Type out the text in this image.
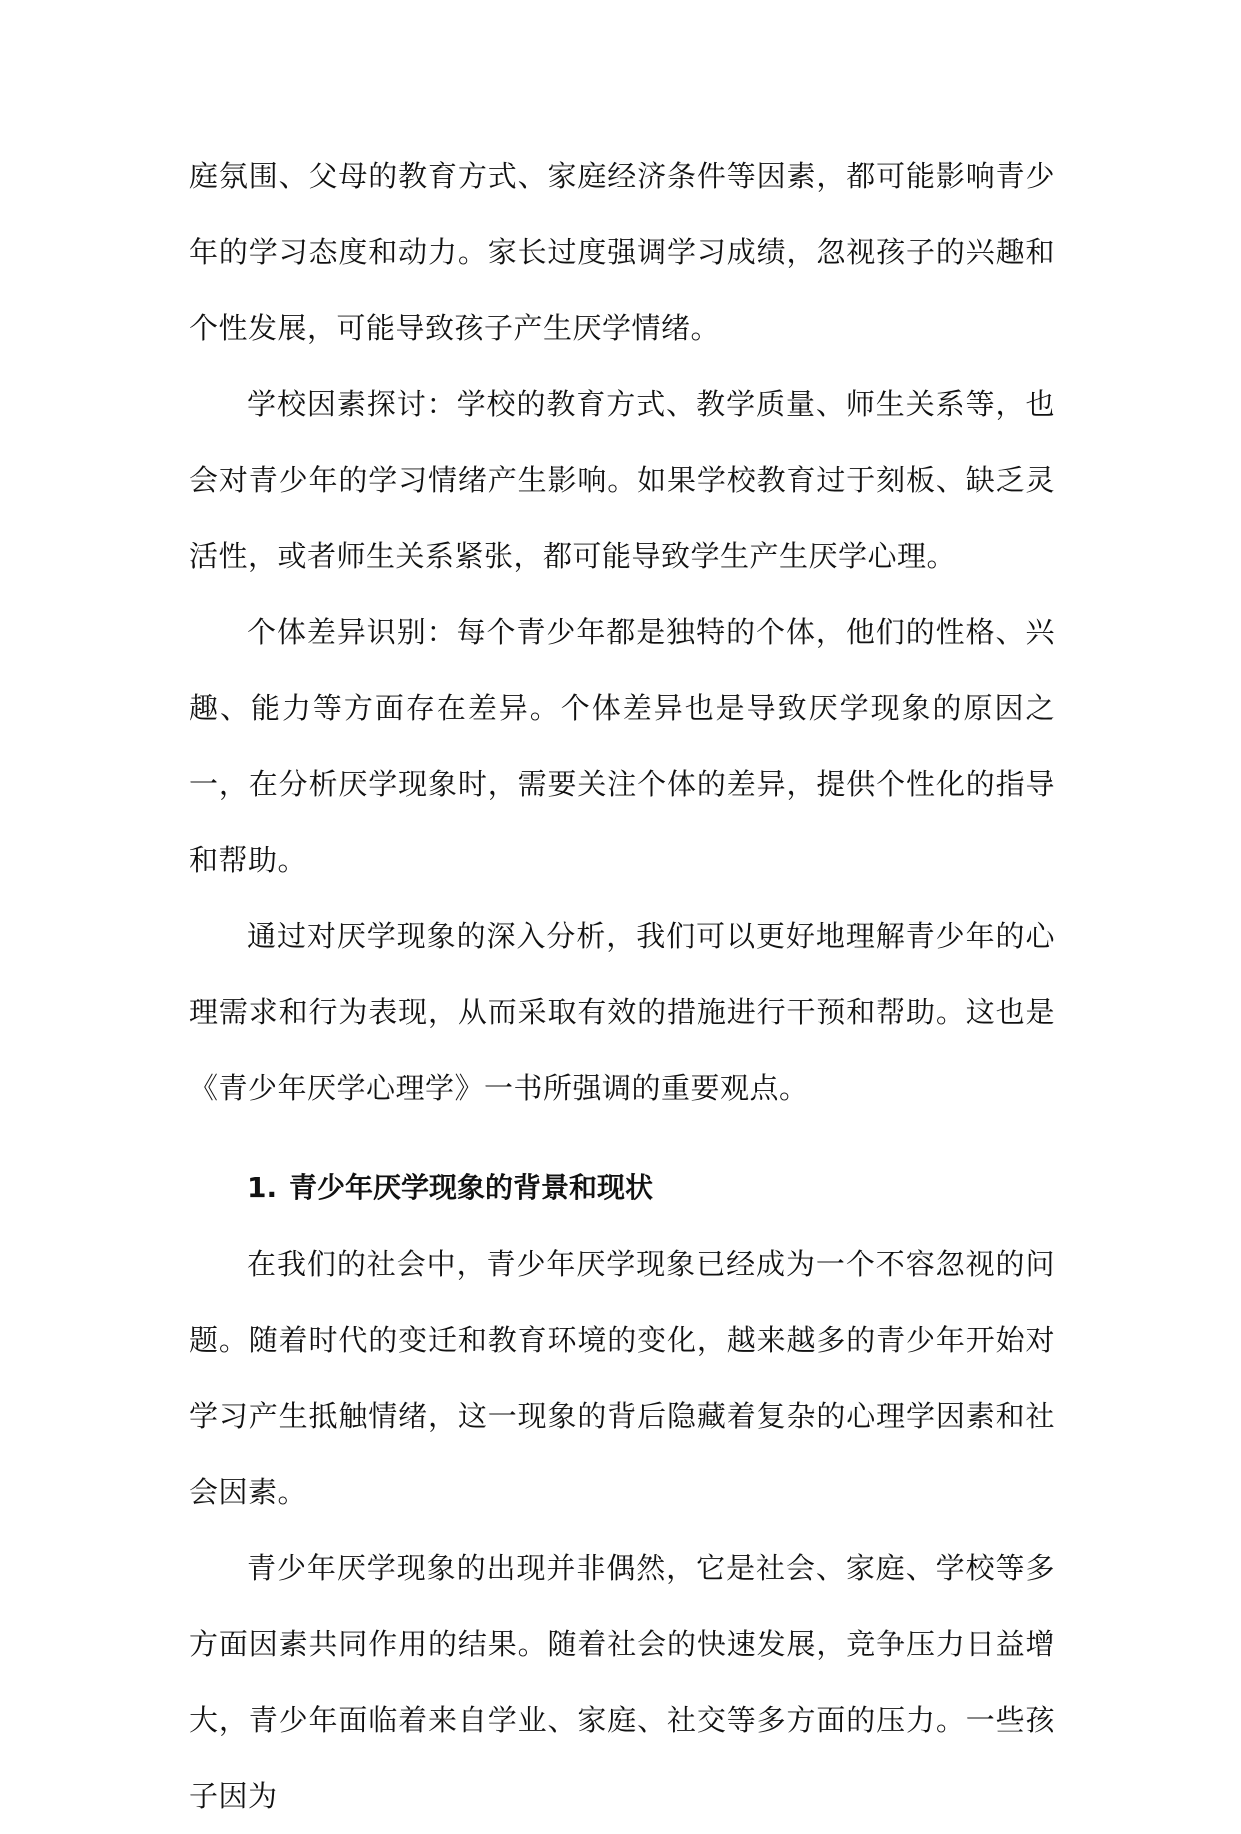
庭氛围、父母的教育方式、家庭经济条件等因素，都可能影响青少年的学习态度和动力。家长过度强调学习成绩，忽视孩子的兴趣和个性发展，可能导致孩子产生厌学情绪。

学校因素探讨：学校的教育方式、教学质量、师生关系等，也会对青少年的学习情绪产生影响。如果学校教育过于刻板、缺乏灵活性，或者师生关系紧张，都可能导致学生产生厌学心理。

个体差异识别：每个青少年都是独特的个体，他们的性格、兴趣、能力等方面存在差异。个体差异也是导致厌学现象的原因之一，在分析厌学现象时，需要关注个体的差异，提供个性化的指导和帮助。

通过对厌学现象的深入分析，我们可以更好地理解青少年的心理需求和行为表现，从而采取有效的措施进行干预和帮助。这也是《青少年厌学心理学》一书所强调的重要观点。

1. 青少年厌学现象的背景和现状

在我们的社会中，青少年厌学现象已经成为一个不容忽视的问题。随着时代的变迁和教育环境的变化，越来越多的青少年开始对学习产生抵触情绪，这一现象的背后隐藏着复杂的心理学因素和社会因素。

青少年厌学现象的出现并非偶然，它是社会、家庭、学校等多方面因素共同作用的结果。随着社会的快速发展，竞争压力日益增大，青少年面临着来自学业、家庭、社交等多方面的压力。一些孩子因为
